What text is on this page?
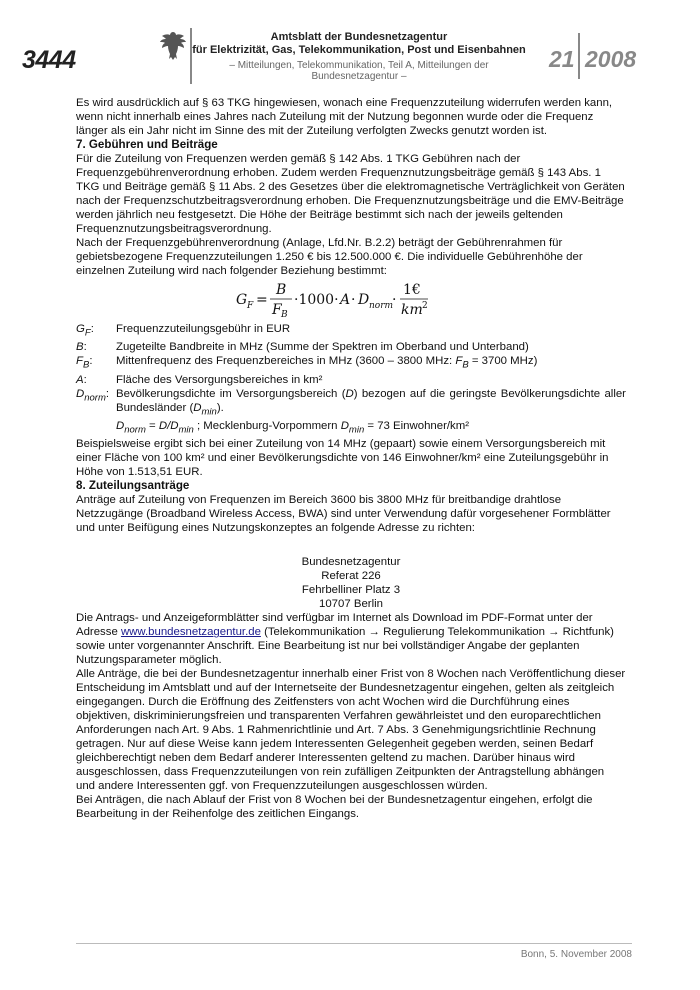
3444
Amtsblatt der Bundesnetzagentur
für Elektrizität, Gas, Telekommunikation, Post und Eisenbahnen
– Mitteilungen, Telekommunikation, Teil A, Mitteilungen der Bundesnetzagentur –
21 2008

Es wird ausdrücklich auf § 63 TKG hingewiesen, wonach eine Frequenzzuteilung widerrufen werden kann, wenn nicht innerhalb eines Jahres nach Zuteilung mit der Nutzung begonnen wurde oder die Frequenz länger als ein Jahr nicht im Sinne des mit der Zuteilung verfolgten Zwecks genutzt worden ist.

7. Gebühren und Beiträge

Für die Zuteilung von Frequenzen werden gemäß § 142 Abs. 1 TKG Gebühren nach der Frequenzgebührenverordnung erhoben. Zudem werden Frequenznutzungsbeiträge gemäß § 143 Abs. 1 TKG und Beiträge gemäß § 11 Abs. 2 des Gesetzes über die elektromagnetische Verträglichkeit von Geräten nach der Frequenzschutzbeitragsverordnung erhoben. Die Frequenznutzungsbeiträge und die EMV-Beiträge werden jährlich neu festgesetzt. Die Höhe der Beiträge bestimmt sich nach der jeweils geltenden Frequenznutzungsbeitragsverordnung.

Nach der Frequenzgebührenverordnung (Anlage, Lfd.Nr. B.2.2) beträgt der Gebührenrahmen für gebietsbezogene Frequenzzuteilungen 1.250 € bis 12.500.000 €. Die individuelle Gebührenhöhe der einzelnen Zuteilung wird nach folgender Beziehung bestimmt:

G F =
B
F B
·1000· A · D norm
·
1€
km 2
$G_F$:	Frequenzzuteilungsgebühr in EUR
B:	Zugeteilte Bandbreite in MHz (Summe der Spektren im Oberband und Unterband)
$F_B$:	Mittenfrequenz des Frequenzbereiches in MHz (3600 – 3800 MHz: $F_B = 3700$ MHz)
A:	Fläche des Versorgungsbereiches in km²
$D_{norm}$: Bevölkerungsdichte im Versorgungsbereich (D) bezogen auf die geringste Bevölkerungsdichte aller Bundesländer $(D_{min})$.
$D_{norm} = D/D_{min}$ ; Mecklenburg-Vorpommern $D_{min} = 73$ Einwohner/km²

Beispielsweise ergibt sich bei einer Zuteilung von 14 MHz (gepaart) sowie einem Versorgungsbereich mit einer Fläche von 100 km² und einer Bevölkerungsdichte von 146 Einwohner/km² eine Zuteilungsgebühr in Höhe von 1.513,51 EUR.

8. Zuteilungsanträge

Anträge auf Zuteilung von Frequenzen im Bereich 3600 bis 3800 MHz für breitbandige drahtlose Netzzugänge (Broadband Wireless Access, BWA) sind unter Verwendung dafür vorgesehener Formblätter und unter Beifügung eines Nutzungskonzeptes an folgende Adresse zu richten:

Bundesnetzagentur
Referat 226
Fehrbelliner Platz 3
10707 Berlin

Die Antrags- und Anzeigeformblätter sind verfügbar im Internet als Download im PDF-Format unter der Adresse www.bundesnetzagentur.de (Telekommunikation → Regulierung Telekommunikation → Richtfunk) sowie unter vorgenannter Anschrift. Eine Bearbeitung ist nur bei vollständiger Angabe der geplanten Nutzungsparameter möglich.

Alle Anträge, die bei der Bundesnetzagentur innerhalb einer Frist von 8 Wochen nach Veröffentlichung dieser Entscheidung im Amtsblatt und auf der Internetseite der Bundesnetzagentur eingehen, gelten als zeitgleich eingegangen. Durch die Eröffnung des Zeitfensters von acht Wochen wird die Durchführung eines objektiven, diskriminierungsfreien und transparenten Verfahren gewährleistet und den europarechtlichen Anforderungen nach Art. 9 Abs. 1 Rahmenrichtlinie und Art. 7 Abs. 3 Genehmigungsrichtlinie Rechnung getragen. Nur auf diese Weise kann jedem Interessenten Gelegenheit gegeben werden, seinen Bedarf gleichberechtigt neben dem Bedarf anderer Interessenten geltend zu machen. Darüber hinaus wird ausgeschlossen, dass Frequenzzuteilungen von rein zufälligen Zeitpunkten der Antragstellung abhängen und andere Interessenten ggf. von Frequenzzuteilungen ausgeschlossen würden.

Bei Anträgen, die nach Ablauf der Frist von 8 Wochen bei der Bundesnetzagentur eingehen, erfolgt die Bearbeitung in der Reihenfolge des zeitlichen Eingangs.

Bonn, 5. November 2008
